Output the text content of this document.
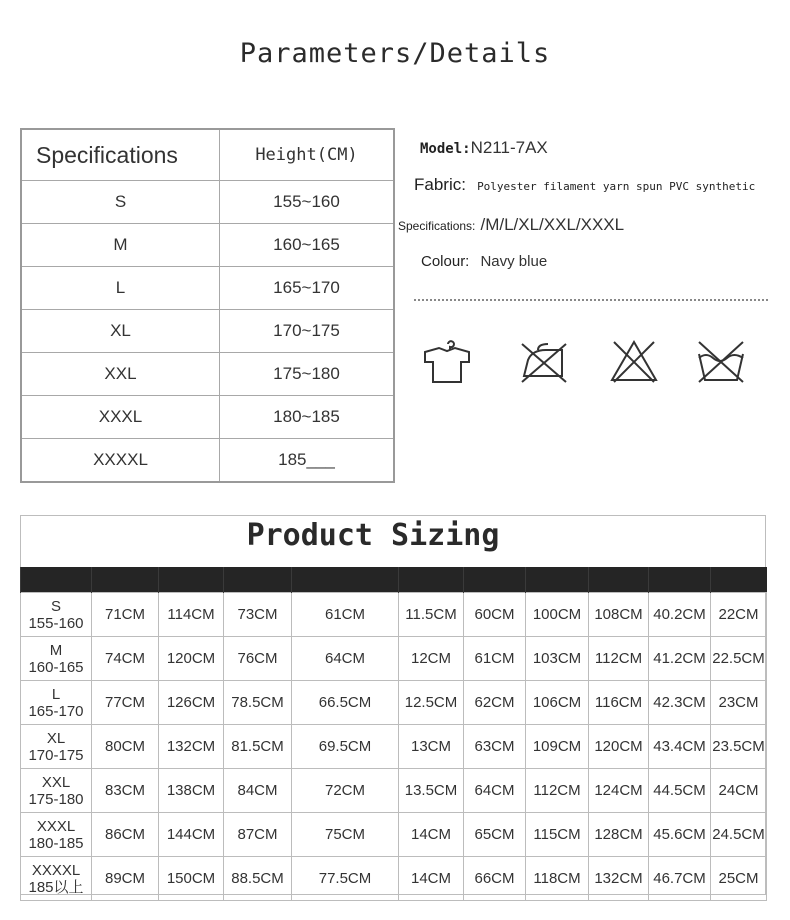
Parameters/Details
Specifications	Height(CM)
S	155~160
M	160~165
L	165~170
XL	170~175
XXL	175~180
XXXL	180~185
XXXXL	185___
Model:N211-7AX
Fabric: Polyester filament yarn spun PVC synthetic
Specifications: /M/L/XL/XXL/XXXL
Colour: Navy blue
Product Sizing

S
155-160	71CM	114CM	73CM	61CM	11.5CM	60CM	100CM	108CM	40.2CM	22CM

M
160-165	74CM	120CM	76CM	64CM	12CM	61CM	103CM	112CM	41.2CM	22.5CM

L
165-170	77CM	126CM	78.5CM	66.5CM	12.5CM	62CM	106CM	116CM	42.3CM	23CM

XL
170-175	80CM	132CM	81.5CM	69.5CM	13CM	63CM	109CM	120CM	43.4CM	23.5CM

XXL
175-180	83CM	138CM	84CM	72CM	13.5CM	64CM	112CM	124CM	44.5CM	24CM

XXXL
180-185	86CM	144CM	87CM	75CM	14CM	65CM	115CM	128CM	45.6CM	24.5CM

XXXXL
185以上	89CM	150CM	88.5CM	77.5CM	14CM	66CM	118CM	132CM	46.7CM	25CM
